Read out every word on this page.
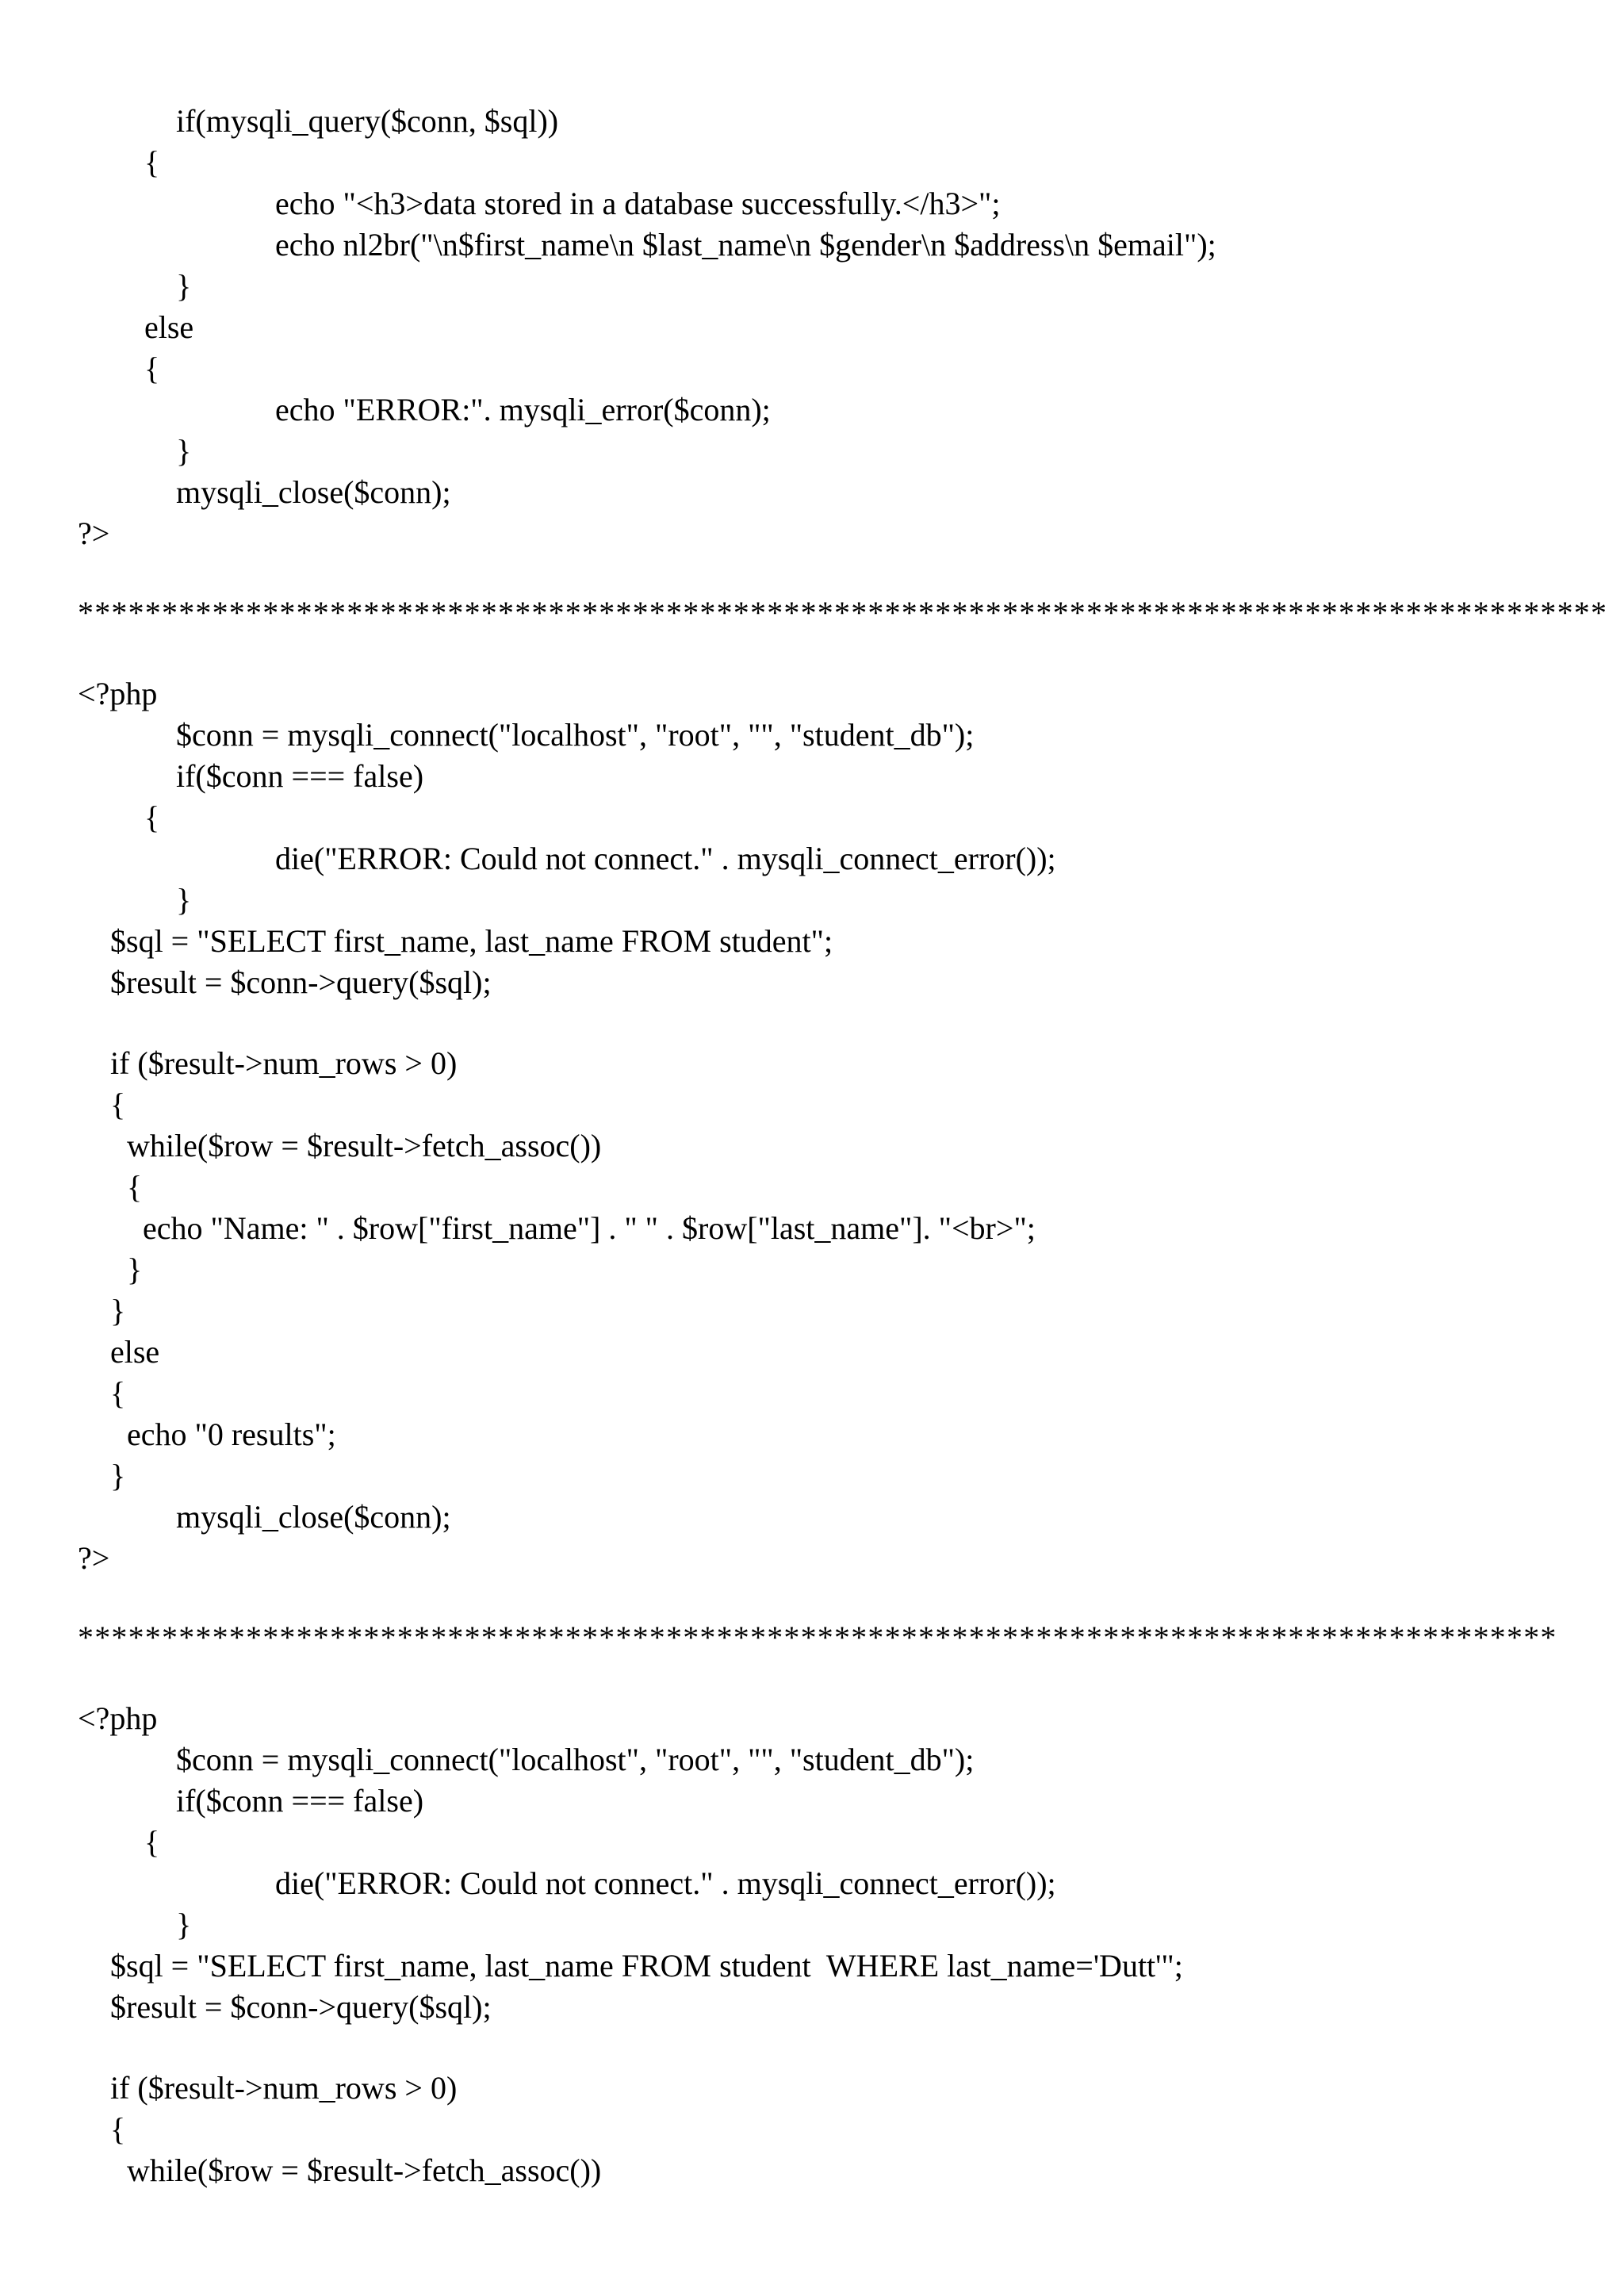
if(mysqli_query($conn, $sql))
{
echo "<h3>data stored in a database successfully.</h3>";
echo nl2br("\n$first_name\n $last_name\n $gender\n $address\n $email");
}
else
{
echo "ERROR:". mysqli_error($conn);
}
mysqli_close($conn);
?>
*******************************************************************************************
<?php
$conn = mysqli_connect("localhost", "root", "", "student_db");
if($conn === false)
{
die("ERROR: Could not connect." . mysqli_connect_error());
}
$sql = "SELECT first_name, last_name FROM student";
$result = $conn->query($sql);
if ($result->num_rows > 0)
{
while($row = $result->fetch_assoc())
{
echo "Name: " . $row["first_name"] . " " . $row["last_name"]. "<br>";
}
}
else
{
echo "0 results";
}
mysqli_close($conn);
?>
****************************************************************************************
<?php
$conn = mysqli_connect("localhost", "root", "", "student_db");
if($conn === false)
{
die("ERROR: Could not connect." . mysqli_connect_error());
}
$sql = "SELECT first_name, last_name FROM student  WHERE last_name='Dutt'";
$result = $conn->query($sql);
if ($result->num_rows > 0)
{
while($row = $result->fetch_assoc())
